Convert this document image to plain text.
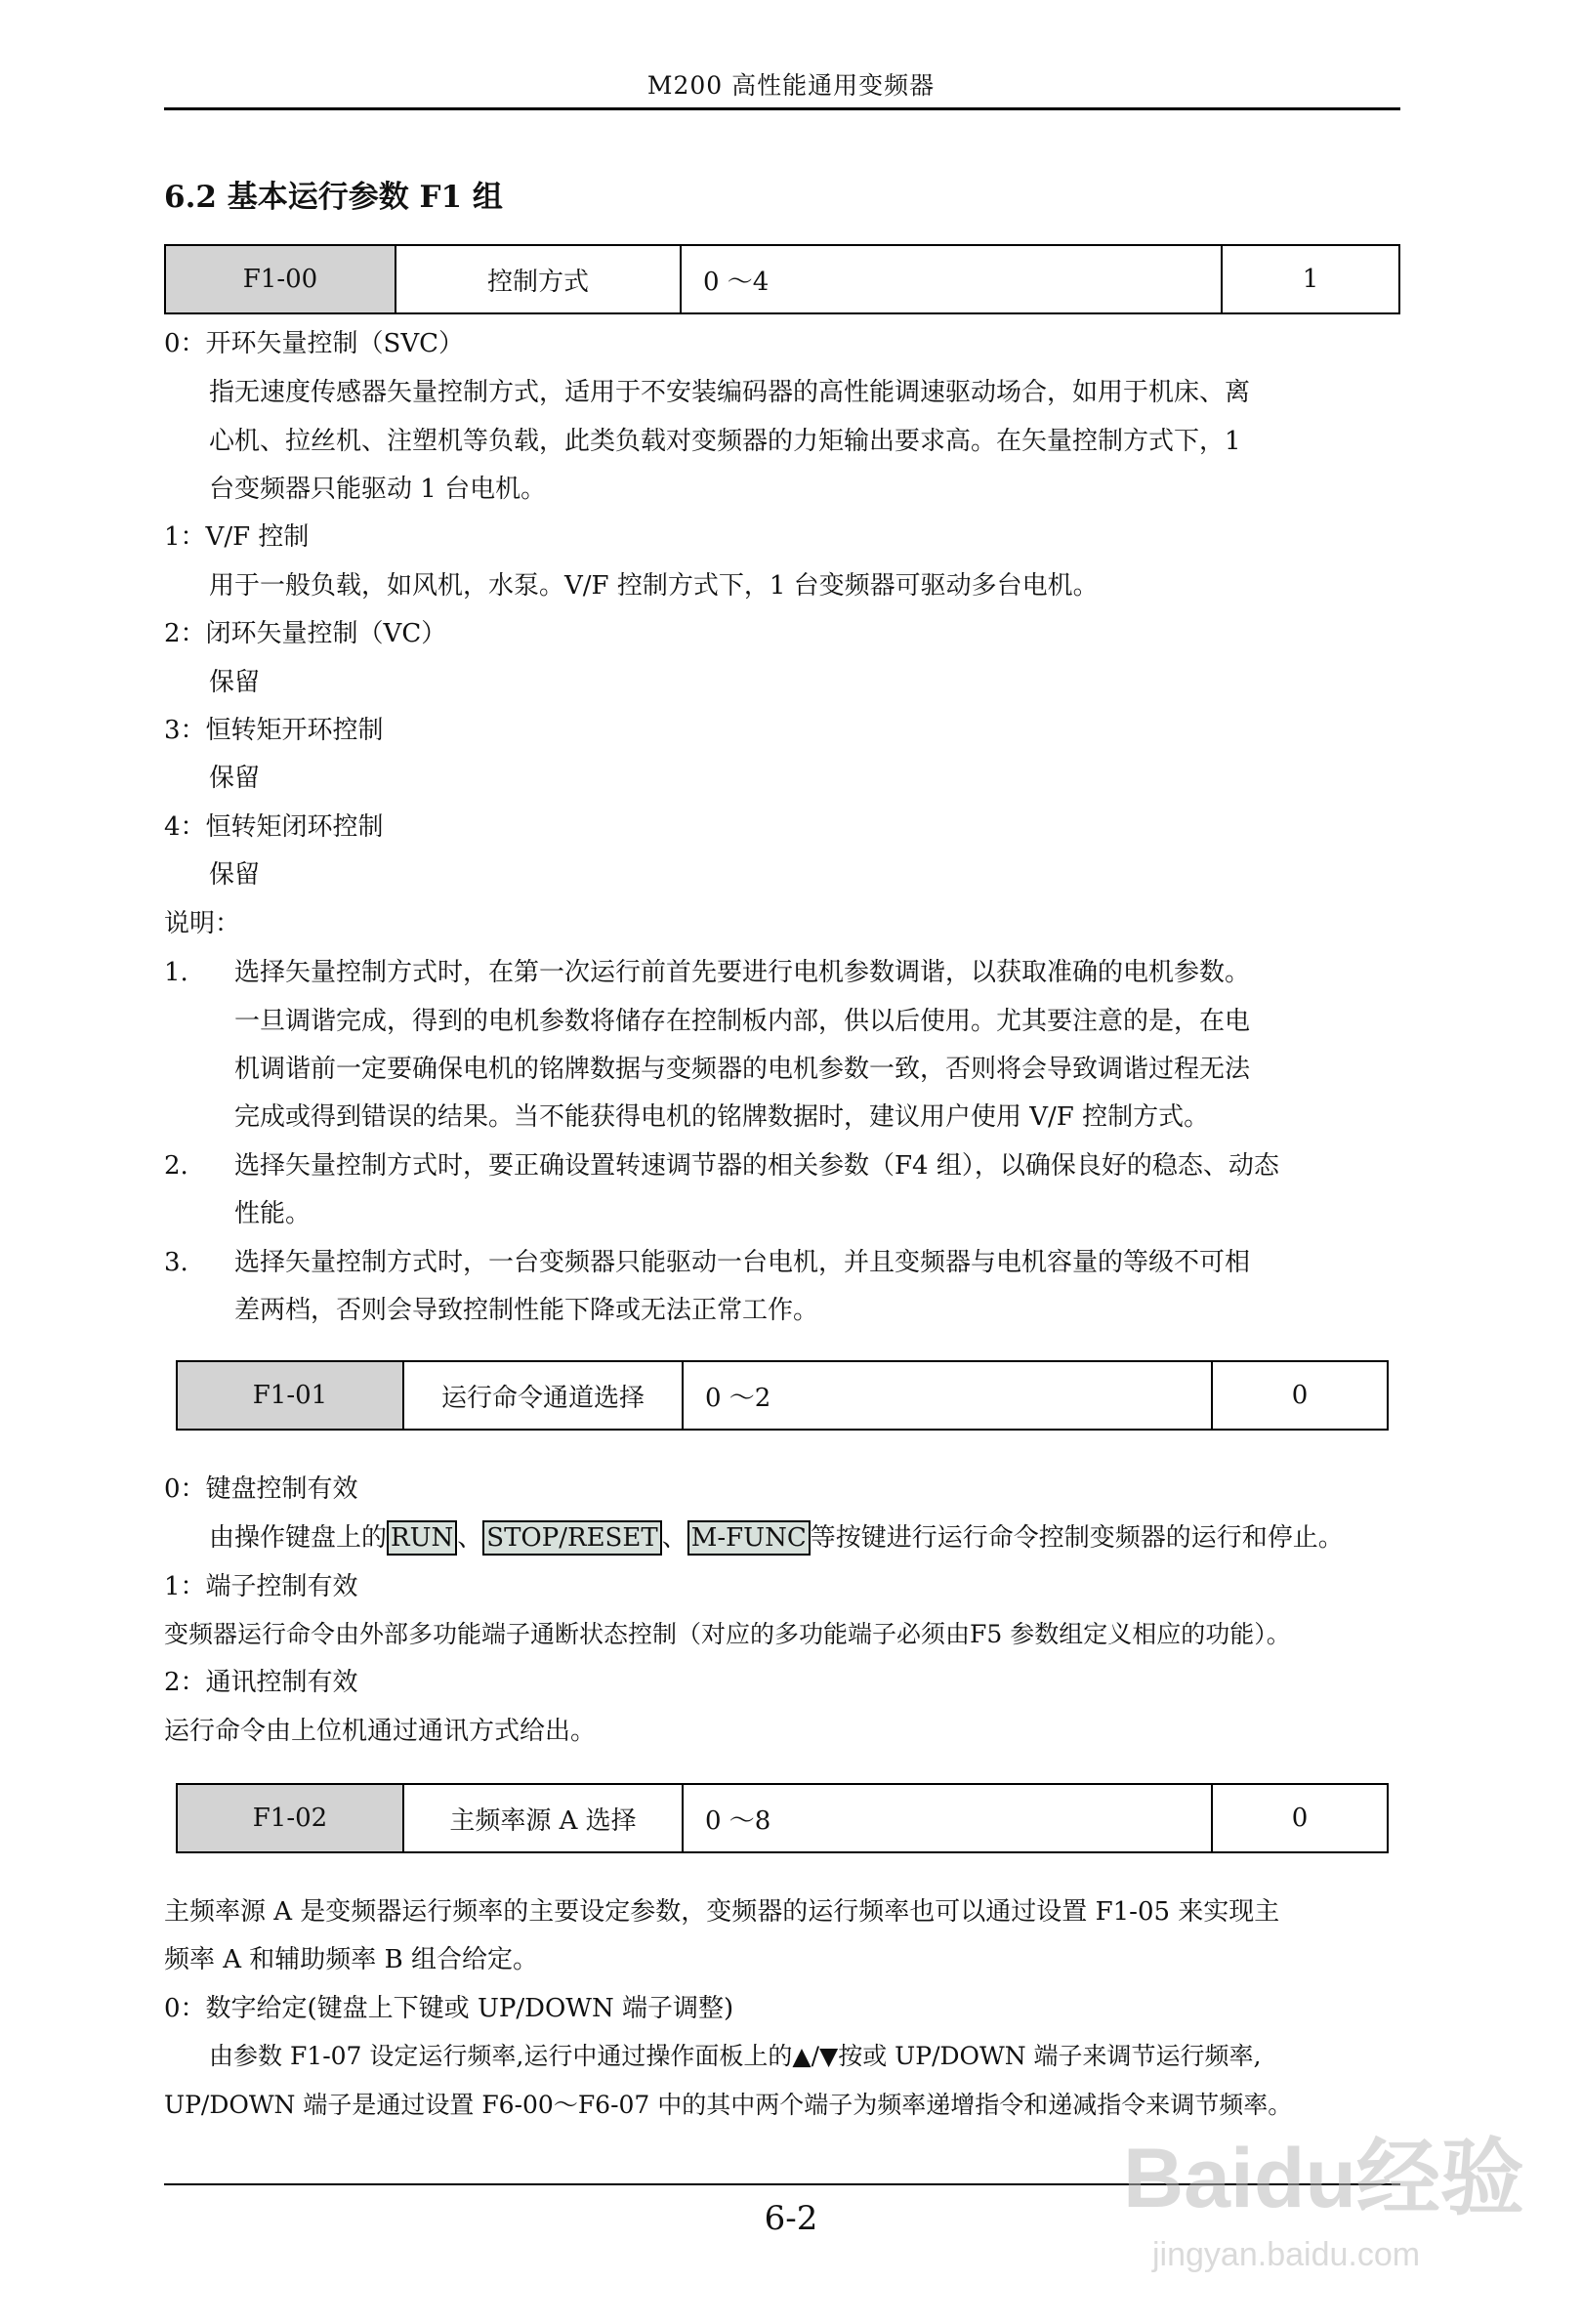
M200 高性能通用变频器
6.2 基本运行参数 F1 组
F1-00	控制方式	0 ～4	1
0：开环矢量控制（SVC）
指无速度传感器矢量控制方式，适用于不安装编码器的高性能调速驱动场合，如用于机床、离
心机、拉丝机、注塑机等负载，此类负载对变频器的力矩输出要求高。在矢量控制方式下，1
台变频器只能驱动 1 台电机。
1：V/F 控制
用于一般负载，如风机，水泵。V/F 控制方式下，1 台变频器可驱动多台电机。
2：闭环矢量控制（VC）
保留
3：恒转矩开环控制
保留
4：恒转矩闭环控制
保留
说明：
1. 选择矢量控制方式时，在第一次运行前首先要进行电机参数调谐，以获取准确的电机参数。
一旦调谐完成，得到的电机参数将储存在控制板内部，供以后使用。尤其要注意的是，在电
机调谐前一定要确保电机的铭牌数据与变频器的电机参数一致，否则将会导致调谐过程无法
完成或得到错误的结果。当不能获得电机的铭牌数据时，建议用户使用 V/F 控制方式。
2. 选择矢量控制方式时，要正确设置转速调节器的相关参数（F4 组），以确保良好的稳态、动态
性能。
3. 选择矢量控制方式时，一台变频器只能驱动一台电机，并且变频器与电机容量的等级不可相
差两档，否则会导致控制性能下降或无法正常工作。
F1-01	运行命令通道选择	0 ～2	0
0：键盘控制有效
由操作键盘上的 RUN 、 STOP/RESET 、 M-FUNC 等按键进行运行命令控制变频器的运行和停止。
1：端子控制有效
变频器运行命令由外部多功能端子通断状态控制（对应的多功能端子必须由F5 参数组定义相应的功能）。
2：通讯控制有效
运行命令由上位机通过通讯方式给出。
F1-02	主频率源 A 选择	0 ～8	0
主频率源 A 是变频器运行频率的主要设定参数，变频器的运行频率也可以通过设置 F1-05 来实现主
频率 A 和辅助频率 B 组合给定。
0：数字给定(键盘上下键或 UP/DOWN 端子调整)
由参数 F1-07 设定运行频率,运行中通过操作面板上的▲/▼按或 UP/DOWN 端子来调节运行频率,
UP/DOWN 端子是通过设置 F6-00～F6-07 中的其中两个端子为频率递增指令和递减指令来调节频率。
6-2	Baidu经验
jingyan.baidu.com
